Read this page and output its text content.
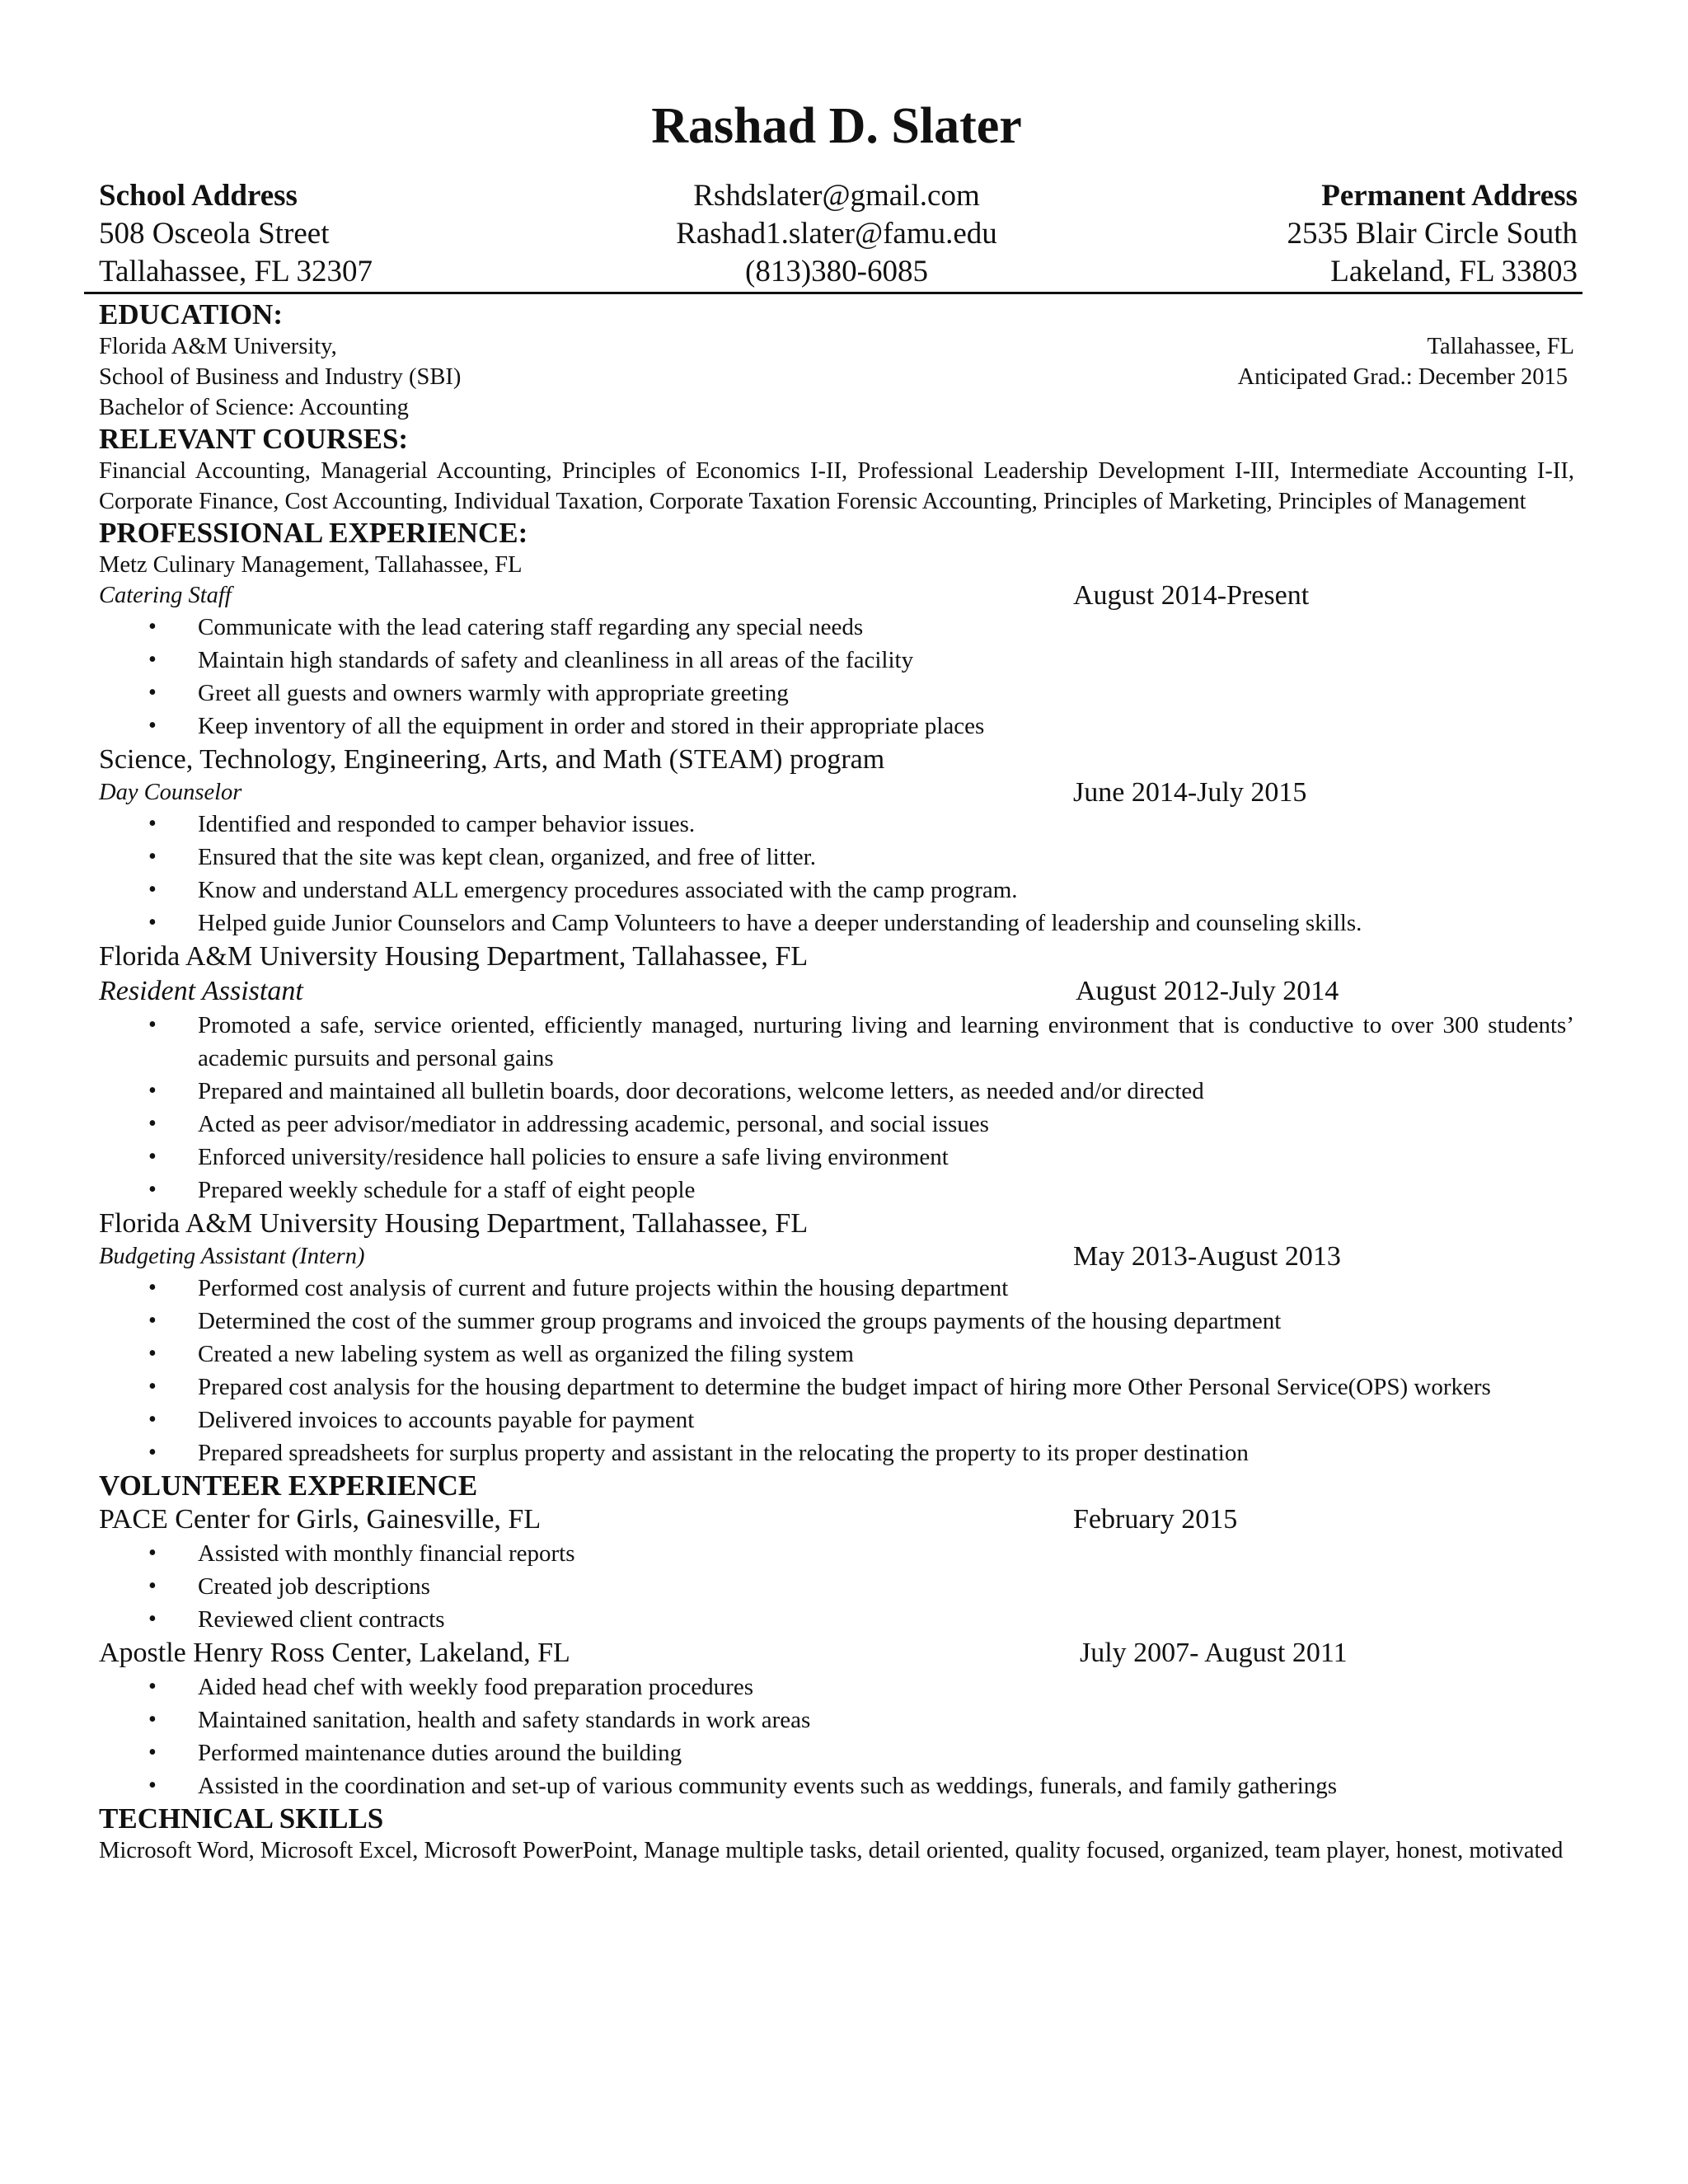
Rashad D. Slater
School Address	Rshdslater@gmail.com	Permanent Address
508 Osceola Street	Rashad1.slater@famu.edu	2535 Blair Circle South
Tallahassee, FL 32307	(813)380-6085	Lakeland, FL 33803
EDUCATION:
Florida A&M University,	Tallahassee, FL
School of Business and Industry (SBI)	Anticipated Grad.: December 2015
Bachelor of Science: Accounting
RELEVANT COURSES:
Financial Accounting, Managerial Accounting, Principles of Economics I-II, Professional Leadership Development I-III, Intermediate Accounting I-II, Corporate Finance, Cost Accounting, Individual Taxation, Corporate Taxation Forensic Accounting, Principles of Marketing, Principles of Management
PROFESSIONAL EXPERIENCE:
Metz Culinary Management, Tallahassee, FL
Catering Staff	August 2014-Present
• Communicate with the lead catering staff regarding any special needs
• Maintain high standards of safety and cleanliness in all areas of the facility
• Greet all guests and owners warmly with appropriate greeting
• Keep inventory of all the equipment in order and stored in their appropriate places
Science, Technology, Engineering, Arts, and Math (STEAM) program
Day Counselor	June 2014-July 2015
• Identified and responded to camper behavior issues.
• Ensured that the site was kept clean, organized, and free of litter.
• Know and understand ALL emergency procedures associated with the camp program.
• Helped guide Junior Counselors and Camp Volunteers to have a deeper understanding of leadership and counseling skills.
Florida A&M University Housing Department, Tallahassee, FL
Resident Assistant	August 2012-July 2014
• Promoted a safe, service oriented, efficiently managed, nurturing living and learning environment that is conductive to over 300 students’ academic pursuits and personal gains
• Prepared and maintained all bulletin boards, door decorations, welcome letters, as needed and/or directed
• Acted as peer advisor/mediator in addressing academic, personal, and social issues
• Enforced university/residence hall policies to ensure a safe living environment
• Prepared weekly schedule for a staff of eight people
Florida A&M University Housing Department, Tallahassee, FL
Budgeting Assistant (Intern)	May 2013-August 2013
• Performed cost analysis of current and future projects within the housing department
• Determined the cost of the summer group programs and invoiced the groups payments of the housing department
• Created a new labeling system as well as organized the filing system
• Prepared cost analysis for the housing department to determine the budget impact of hiring more Other Personal Service(OPS) workers
• Delivered invoices to accounts payable for payment
• Prepared spreadsheets for surplus property and assistant in the relocating the property to its proper destination
VOLUNTEER EXPERIENCE
PACE Center for Girls, Gainesville, FL	February 2015
• Assisted with monthly financial reports
• Created job descriptions
• Reviewed client contracts
Apostle Henry Ross Center, Lakeland, FL	July 2007- August 2011
• Aided head chef with weekly food preparation procedures
• Maintained sanitation, health and safety standards in work areas
• Performed maintenance duties around the building
• Assisted in the coordination and set-up of various community events such as weddings, funerals, and family gatherings
TECHNICAL SKILLS
Microsoft Word, Microsoft Excel, Microsoft PowerPoint, Manage multiple tasks, detail oriented, quality focused, organized, team player, honest, motivated
